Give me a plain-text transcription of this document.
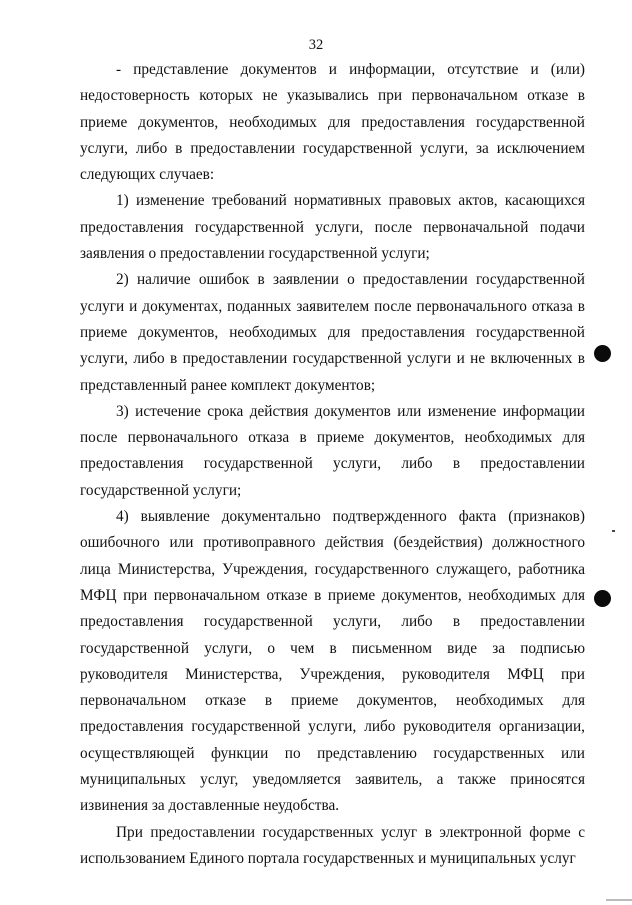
32

- представление документов и информации, отсутствие и (или) недостоверность которых не указывались при первоначальном отказе в приеме документов, необходимых для предоставления государственной услуги, либо в предоставлении государственной услуги, за исключением следующих случаев:

1) изменение требований нормативных правовых актов, касающихся предоставления государственной услуги, после первоначальной подачи заявления о предоставлении государственной услуги;

2) наличие ошибок в заявлении о предоставлении государственной услуги и документах, поданных заявителем после первоначального отказа в приеме документов, необходимых для предоставления государственной услуги, либо в предоставлении государственной услуги и не включенных в представленный ранее комплект документов;

3) истечение срока действия документов или изменение информации после первоначального отказа в приеме документов, необходимых для предоставления государственной услуги, либо в предоставлении государственной услуги;

4) выявление документально подтвержденного факта (признаков) ошибочного или противоправного действия (бездействия) должностного лица Министерства, Учреждения, государственного служащего, работника МФЦ при первоначальном отказе в приеме документов, необходимых для предоставления государственной услуги, либо в предоставлении государственной услуги, о чем в письменном виде за подписью руководителя Министерства, Учреждения, руководителя МФЦ при первоначальном отказе в приеме документов, необходимых для предоставления государственной услуги, либо руководителя организации, осуществляющей функции по представлению государственных или муниципальных услуг, уведомляется заявитель, а также приносятся извинения за доставленные неудобства.

При предоставлении государственных услуг в электронной форме с использованием Единого портала государственных и муниципальных услуг
